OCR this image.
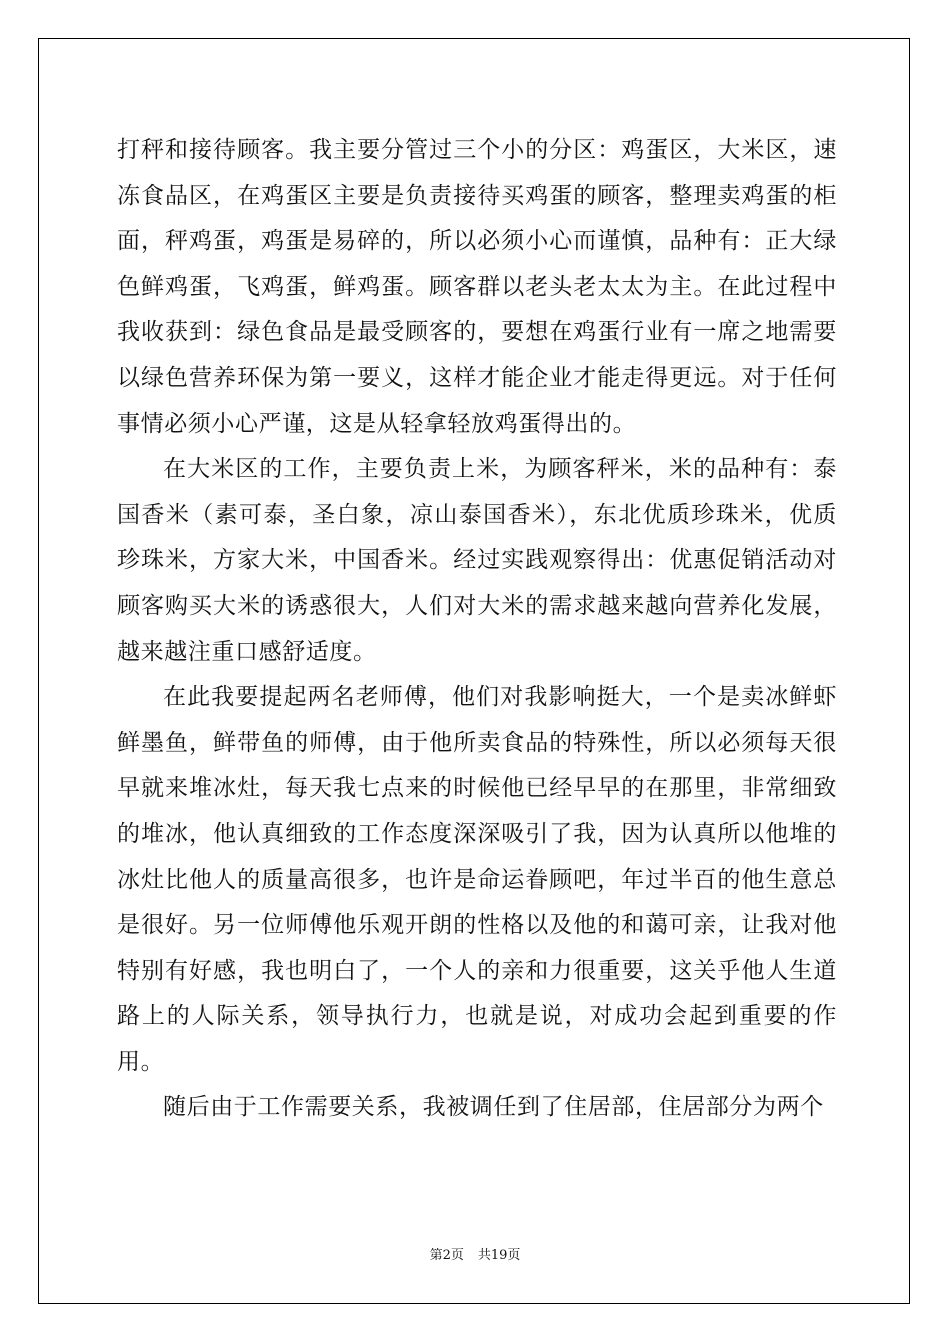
打秤和接待顾客。我主要分管过三个小的分区：鸡蛋区，大米区，速冻食品区，在鸡蛋区主要是负责接待买鸡蛋的顾客，整理卖鸡蛋的柜面，秤鸡蛋，鸡蛋是易碎的，所以必须小心而谨慎，品种有：正大绿色鲜鸡蛋，飞鸡蛋，鲜鸡蛋。顾客群以老头老太太为主。在此过程中我收获到：绿色食品是最受顾客的，要想在鸡蛋行业有一席之地需要以绿色营养环保为第一要义，这样才能企业才能走得更远。对于任何事情必须小心严谨，这是从轻拿轻放鸡蛋得出的。

在大米区的工作，主要负责上米，为顾客秤米，米的品种有：泰国香米（素可泰，圣白象，凉山泰国香米），东北优质珍珠米，优质珍珠米，方家大米，中国香米。经过实践观察得出：优惠促销活动对顾客购买大米的诱惑很大，人们对大米的需求越来越向营养化发展，越来越注重口感舒适度。

在此我要提起两名老师傅，他们对我影响挺大，一个是卖冰鲜虾鲜墨鱼，鲜带鱼的师傅，由于他所卖食品的特殊性，所以必须每天很早就来堆冰灶，每天我七点来的时候他已经早早的在那里，非常细致的堆冰，他认真细致的工作态度深深吸引了我，因为认真所以他堆的冰灶比他人的质量高很多，也许是命运眷顾吧，年过半百的他生意总是很好。另一位师傅他乐观开朗的性格以及他的和蔼可亲，让我对他特别有好感，我也明白了，一个人的亲和力很重要，这关乎他人生道路上的人际关系，领导执行力，也就是说，对成功会起到重要的作用。

随后由于工作需要关系，我被调任到了住居部，住居部分为两个

第2页 共19页
